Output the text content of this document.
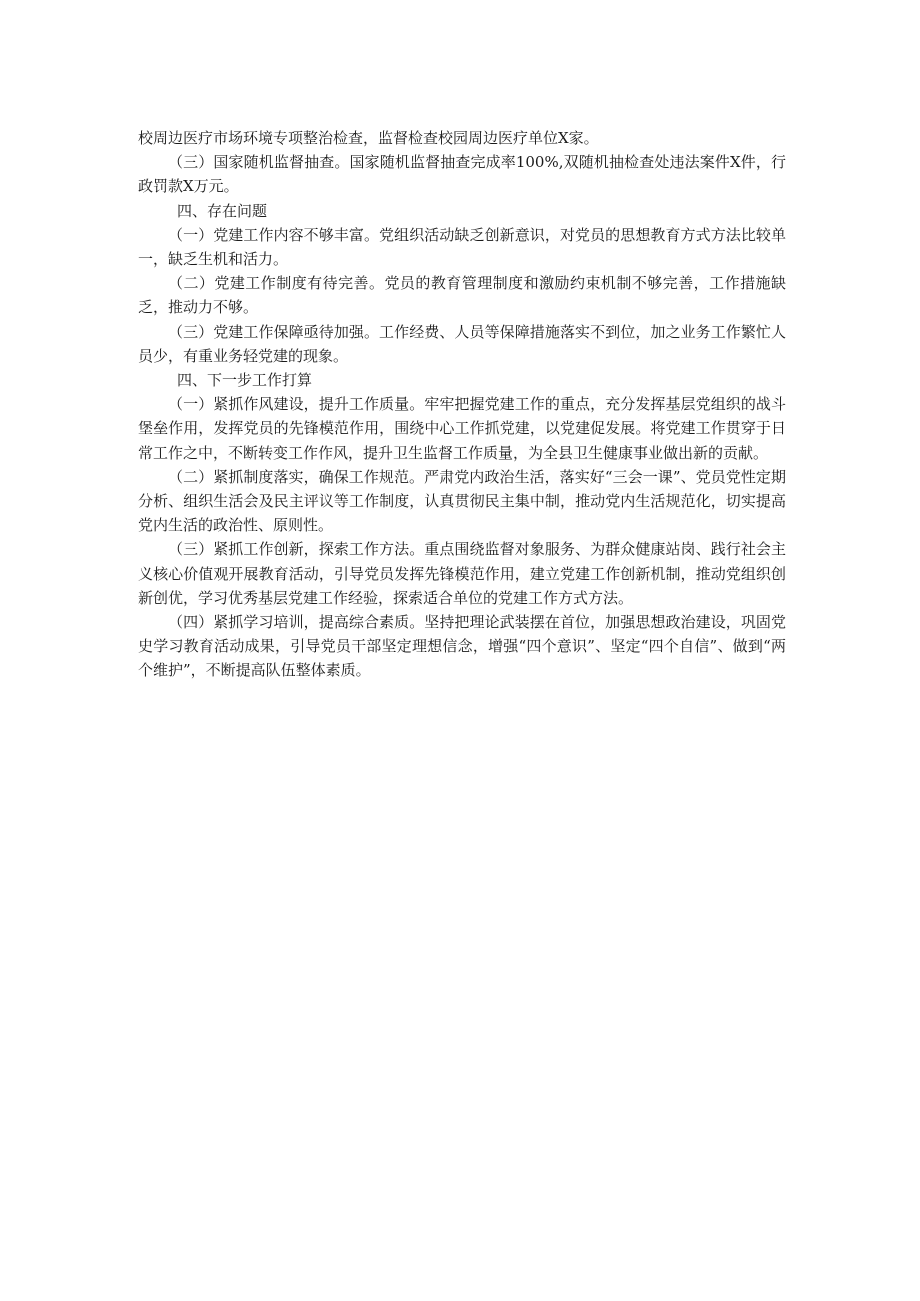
校周边医疗市场环境专项整治检查，监督检查校园周边医疗单位X家。

（三）国家随机监督抽查。国家随机监督抽查完成率100%,双随机抽检查处违法案件X件，行政罚款X万元。

四、存在问题

（一）党建工作内容不够丰富。党组织活动缺乏创新意识，对党员的思想教育方式方法比较单一，缺乏生机和活力。

（二）党建工作制度有待完善。党员的教育管理制度和激励约束机制不够完善，工作措施缺乏，推动力不够。

（三）党建工作保障亟待加强。工作经费、人员等保障措施落实不到位，加之业务工作繁忙人员少，有重业务轻党建的现象。

四、下一步工作打算

（一）紧抓作风建设，提升工作质量。牢牢把握党建工作的重点，充分发挥基层党组织的战斗堡垒作用，发挥党员的先锋模范作用，围绕中心工作抓党建，以党建促发展。将党建工作贯穿于日常工作之中，不断转变工作作风，提升卫生监督工作质量，为全县卫生健康事业做出新的贡献。

（二）紧抓制度落实，确保工作规范。严肃党内政治生活，落实好“三会一课”、党员党性定期分析、组织生活会及民主评议等工作制度，认真贯彻民主集中制，推动党内生活规范化，切实提高党内生活的政治性、原则性。

（三）紧抓工作创新，探索工作方法。重点围绕监督对象服务、为群众健康站岗、践行社会主义核心价值观开展教育活动，引导党员发挥先锋模范作用，建立党建工作创新机制，推动党组织创新创优，学习优秀基层党建工作经验，探索适合单位的党建工作方式方法。

（四）紧抓学习培训，提高综合素质。坚持把理论武装摆在首位，加强思想政治建设，巩固党史学习教育活动成果，引导党员干部坚定理想信念，增强“四个意识”、坚定“四个自信”、做到“两个维护”，不断提高队伍整体素质。
